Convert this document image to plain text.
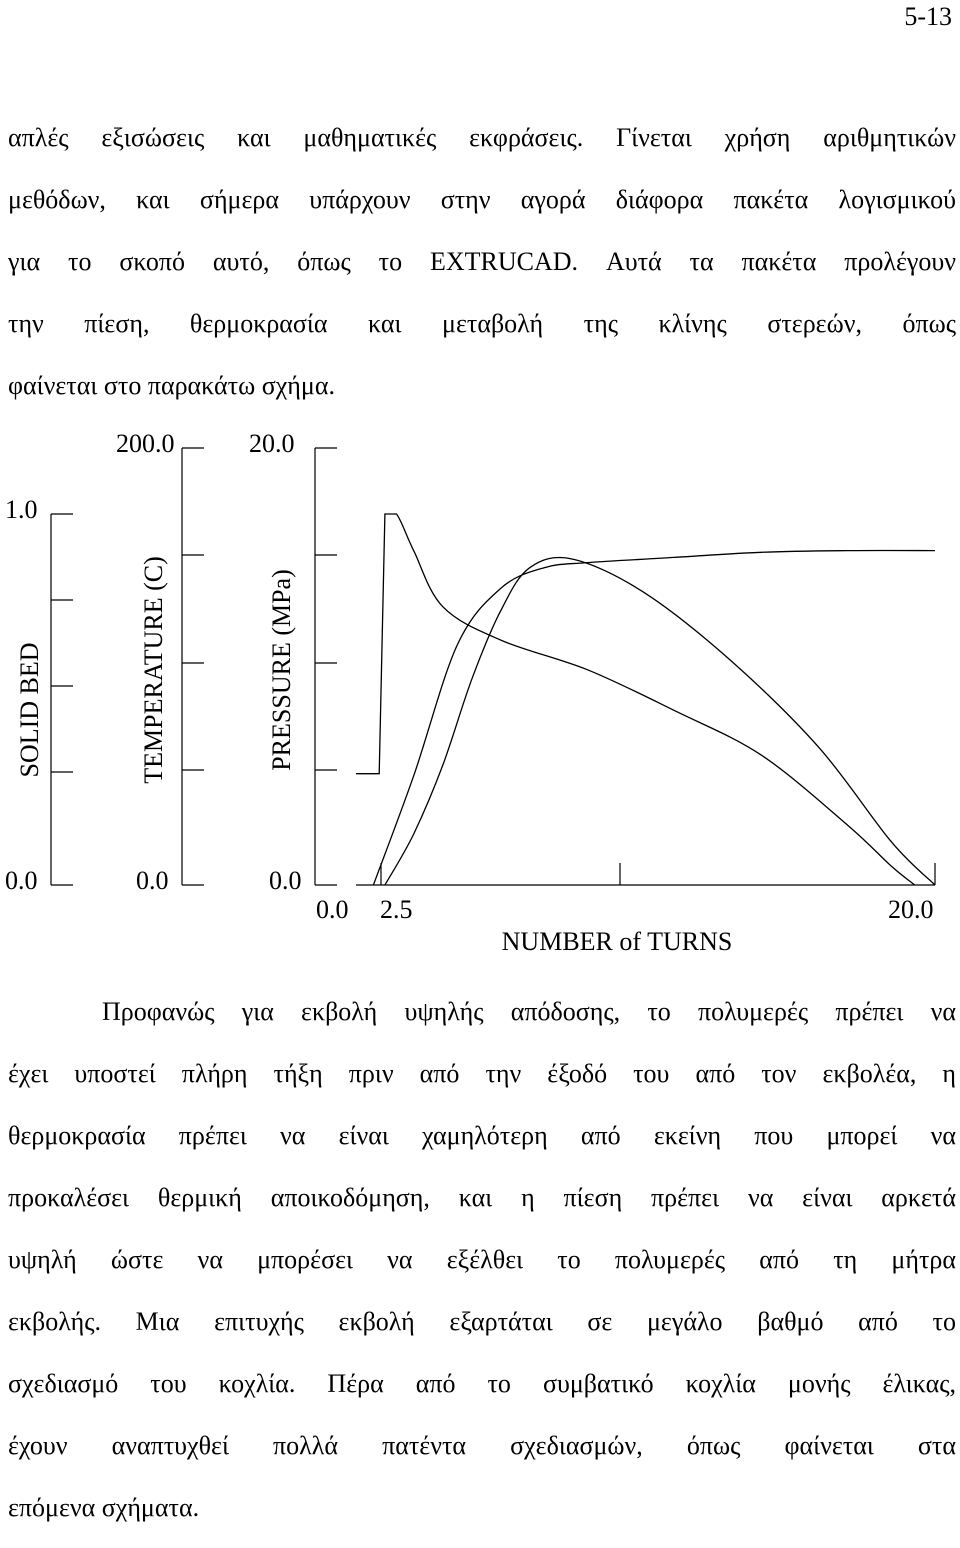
5-13
απλές εξισώσεις και μαθηματικές εκφράσεις. Γίνεται χρήση αριθμητικών
μεθόδων, και σήμερα υπάρχουν στην αγορά διάφορα πακέτα λογισμικού
για το σκοπό αυτό, όπως το EXTRUCAD. Αυτά τα πακέτα προλέγουν
την πίεση, θερμοκρασία και μεταβολή της κλίνης στερεών, όπως
φαίνεται στο παρακάτω σχήμα.
0.0
1.0
SOLID BED
0.0
200.0
TEMPERATURE (C)
0.0
20.0
PRESSURE (MPa)
0.0 2.5	20.0
NUMBER of TURNS
Προφανώς για εκβολή υψηλής απόδοσης, το πολυμερές πρέπει να
έχει υποστεί πλήρη τήξη πριν από την έξοδό του από τον εκβολέα, η
θερμοκρασία πρέπει να είναι χαμηλότερη από εκείνη που μπορεί να
προκαλέσει θερμική αποικοδόμηση, και η πίεση πρέπει να είναι αρκετά
υψηλή ώστε να μπορέσει να εξέλθει το πολυμερές από τη μήτρα
εκβολής. Μια επιτυχής εκβολή εξαρτάται σε μεγάλο βαθμό από το
σχεδιασμό του κοχλία. Πέρα από το συμβατικό κοχλία μονής έλικας,
έχουν αναπτυχθεί πολλά πατέντα σχεδιασμών, όπως φαίνεται στα
επόμενα σχήματα.
